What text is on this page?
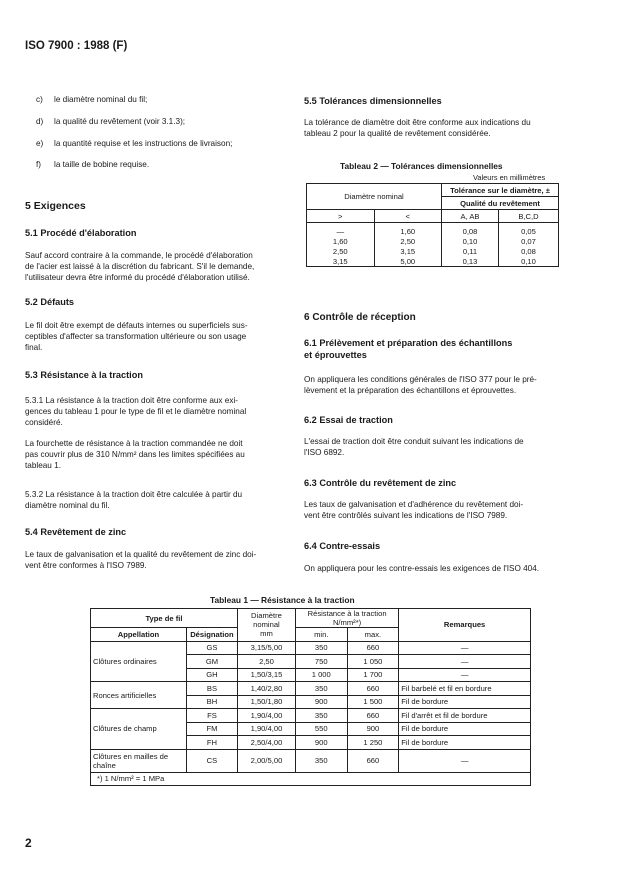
ISO 7900 : 1988 (F)
c) le diamètre nominal du fil;
d) la qualité du revêtement (voir 3.1.3);
e) la quantité requise et les instructions de livraison;
f) la taille de bobine requise.
5 Exigences
5.1 Procédé d'élaboration
Sauf accord contraire à la commande, le procédé d'élaboration
de l'acier est laissé à la discrétion du fabricant. S'il le demande,
l'utilisateur devra être informé du procédé d'élaboration utilisé.
5.2 Défauts
Le fil doit être exempt de défauts internes ou superficiels sus-
ceptibles d'affecter sa transformation ultérieure ou son usage
final.
5.3 Résistance à la traction
5.3.1 La résistance à la traction doit être conforme aux exi-
gences du tableau 1 pour le type de fil et le diamètre nominal
considéré.
La fourchette de résistance à la traction commandée ne doit
pas couvrir plus de 310 N/mm² dans les limites spécifiées au
tableau 1.
5.3.2 La résistance à la traction doit être calculée à partir du
diamètre nominal du fil.
5.4 Revêtement de zinc
Le taux de galvanisation et la qualité du revêtement de zinc doi-
vent être conformes à l'ISO 7989.
5.5 Tolérances dimensionnelles
La tolérance de diamètre doit être conforme aux indications du
tableau 2 pour la qualité de revêtement considérée.
Tableau 2 — Tolérances dimensionnelles
Valeurs en millimètres
Diamètre nominal		Tolérance sur le diamètre, ±	
		Qualité du revêtement	
>	<	A, AB	B,C,D
—	1,60	0,08	0,05
1,60	2,50	0,10	0,07
2,50	3,15	0,11	0,08
3,15	5,00	0,13	0,10
6 Contrôle de réception
6.1 Prélèvement et préparation des échantillons
et éprouvettes
On appliquera les conditions générales de l'ISO 377 pour le pré-
lèvement et la préparation des échantillons et éprouvettes.
6.2 Essai de traction
L'essai de traction doit être conduit suivant les indications de
l'ISO 6892.
6.3 Contrôle du revêtement de zinc
Les taux de galvanisation et d'adhérence du revêtement doi-
vent être contrôlés suivant les indications de l'ISO 7989.
6.4 Contre-essais
On appliquera pour les contre-essais les exigences de l'ISO 404.
Tableau 1 — Résistance à la traction
Type de fil		Diamètre nominal
mm	Résistance à la traction N/mm²*)		Remarques
Appellation	Désignation		min.	max.	

Clôtures ordinaires	GS	3,15/5,00	350	660	—
	GM	2,50	750	1 050	—
	GH	1,50/3,15	1 000	1 700	—
Ronces artificielles	BS	1,40/2,80	350	660	Fil barbelé et fil en bordure
	BH	1,50/1,80	900	1 500	Fil de bordure
Clôtures de champ	FS	1,90/4,00	350	660	Fil d'arrêt et fil de bordure
	FM	1,90/4,00	550	900	Fil de bordure
	FH	2,50/4,00	900	1 250	Fil de bordure
Clôtures en mailles de chaîne	CS	2,00/5,00	350	660	—
*) 1 N/mm² = 1 MPa					
2
